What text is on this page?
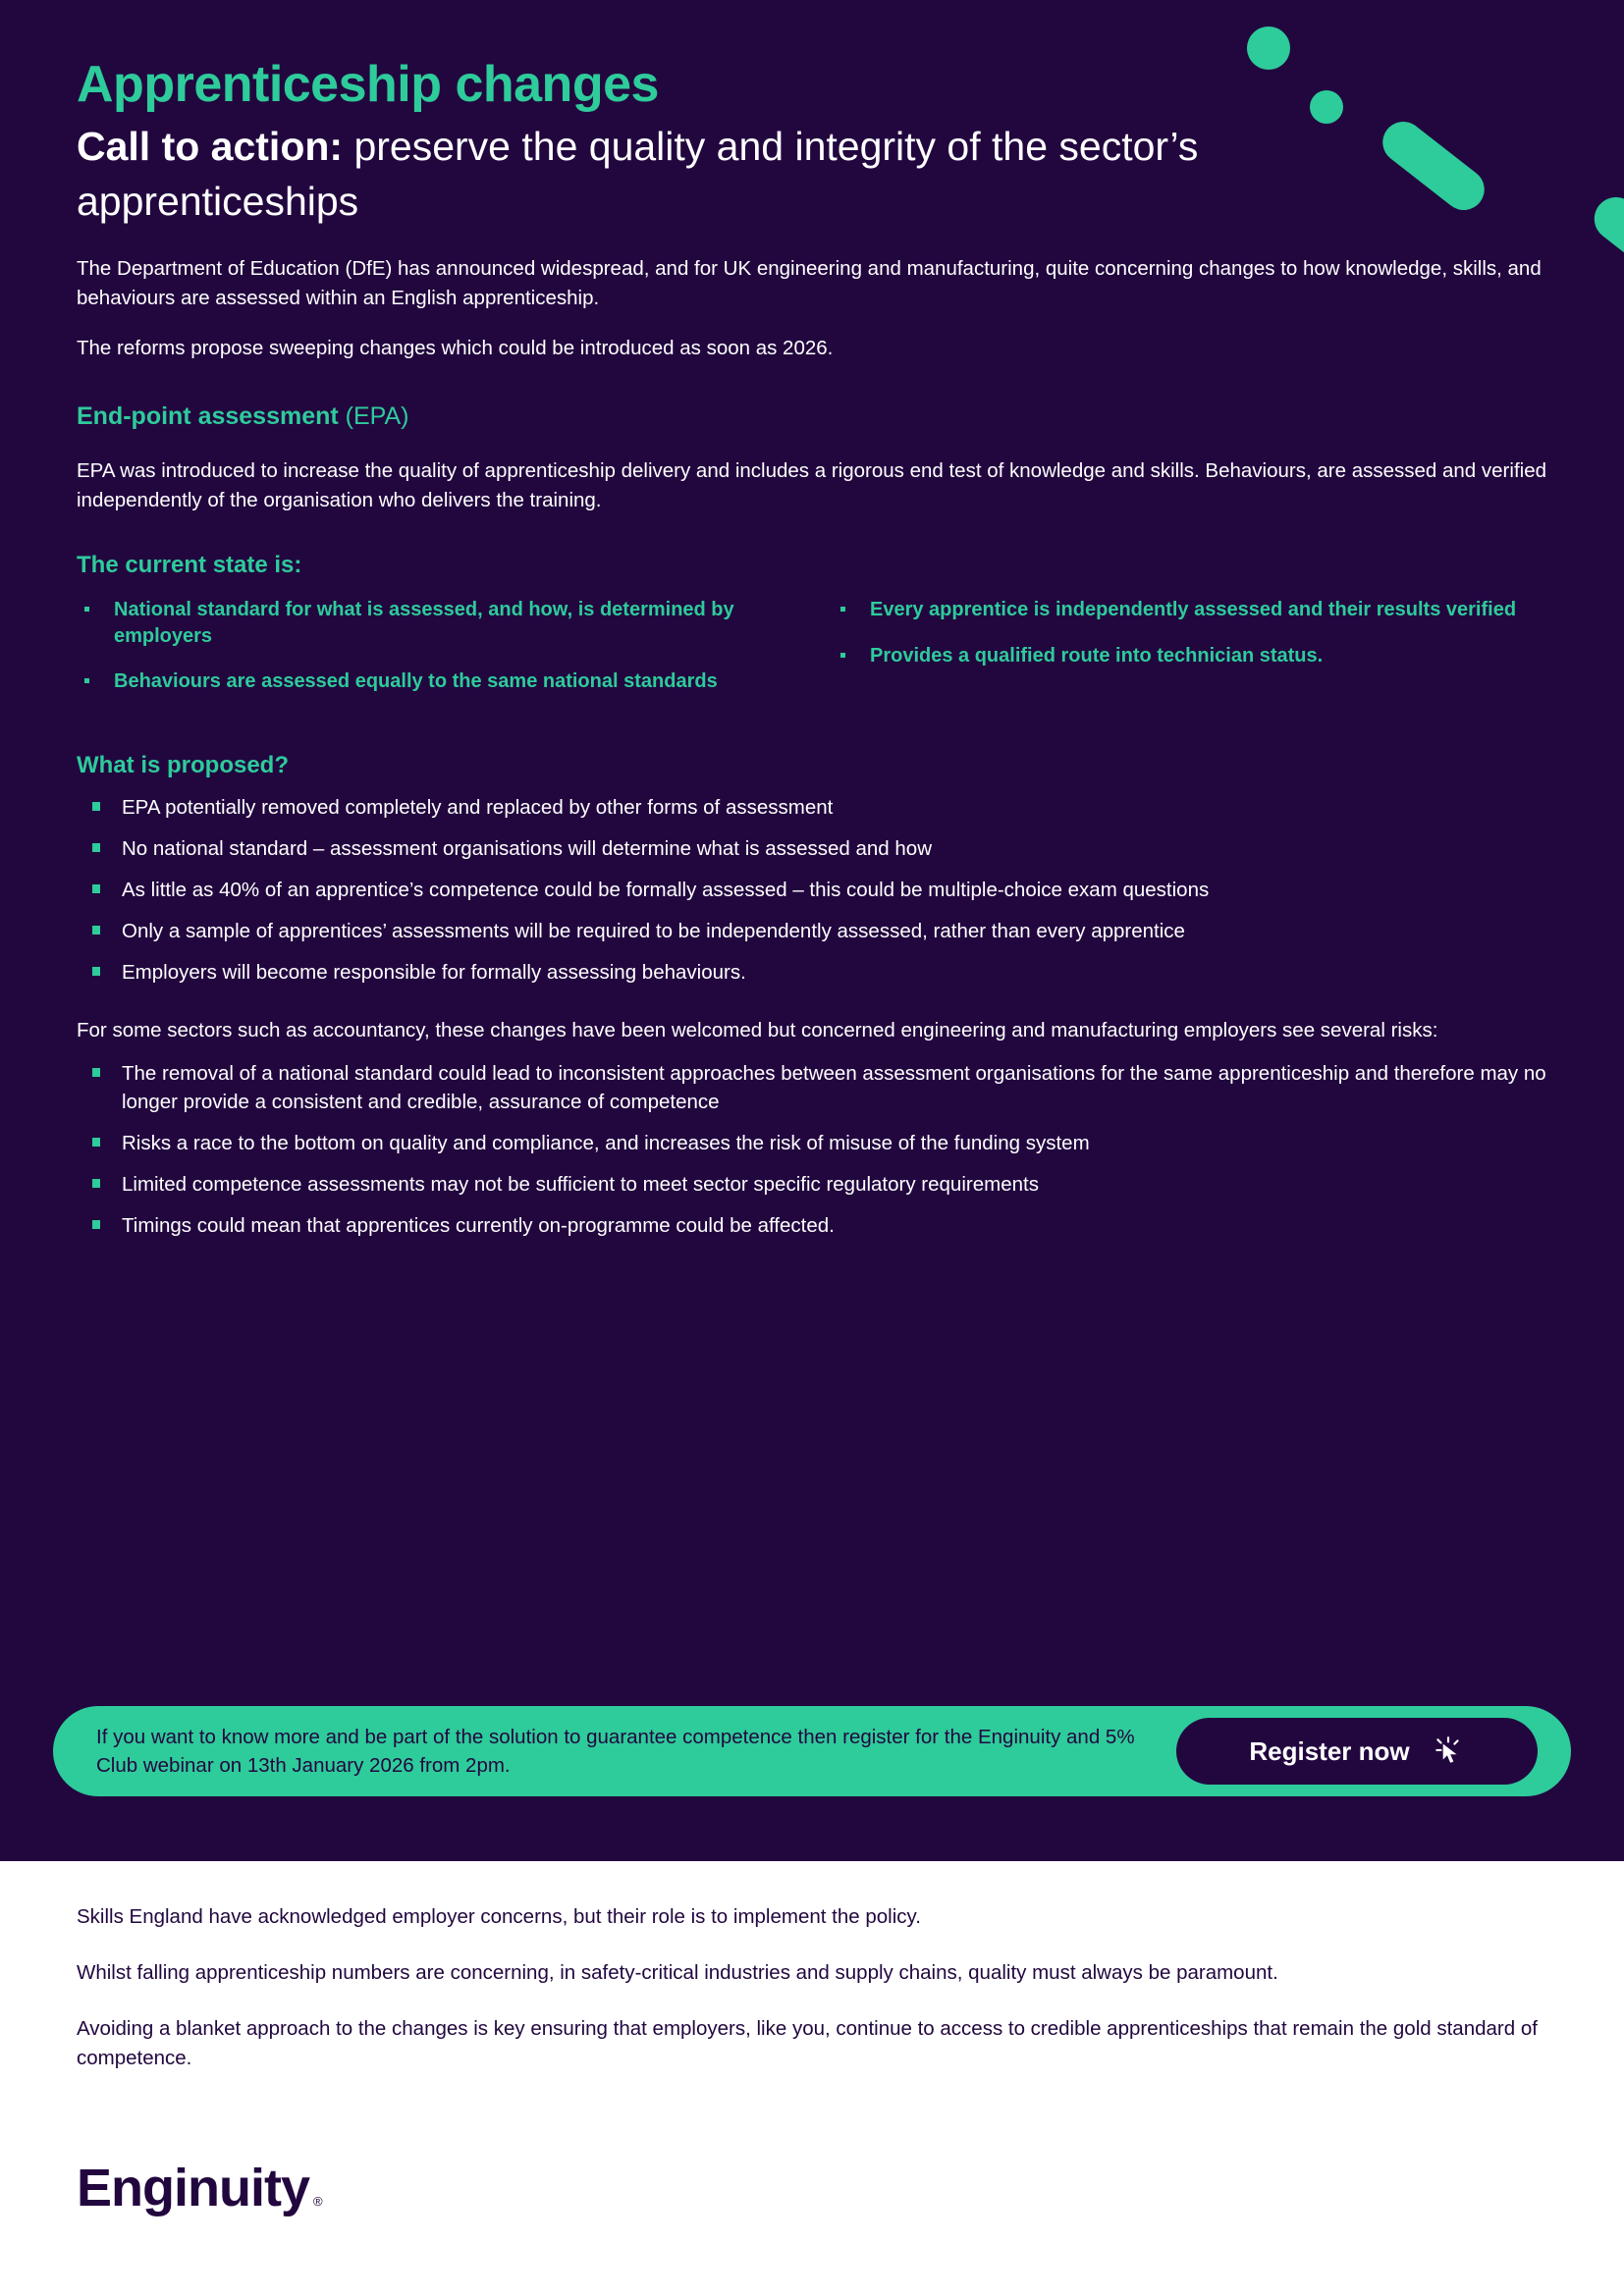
Apprenticeship changes
Call to action: preserve the quality and integrity of the sector’s apprenticeships

The Department of Education (DfE) has announced widespread, and for UK engineering and manufacturing, quite concerning changes to how knowledge, skills, and behaviours are assessed within an English apprenticeship.

The reforms propose sweeping changes which could be introduced as soon as 2026.

End-point assessment (EPA)

EPA was introduced to increase the quality of apprenticeship delivery and includes a rigorous end test of knowledge and skills. Behaviours, are assessed and verified independently of the organisation who delivers the training.

The current state is:
National standard for what is assessed, and how, is determined by employers
Behaviours are assessed equally to the same national standards
Every apprentice is independently assessed and their results verified
Provides a qualified route into technician status.
What is proposed?
EPA potentially removed completely and replaced by other forms of assessment
No national standard – assessment organisations will determine what is assessed and how
As little as 40% of an apprentice’s competence could be formally assessed – this could be multiple-choice exam questions
Only a sample of apprentices’ assessments will be required to be independently assessed, rather than every apprentice
Employers will become responsible for formally assessing behaviours.

For some sectors such as accountancy, these changes have been welcomed but concerned engineering and manufacturing employers see several risks:

The removal of a national standard could lead to inconsistent approaches between assessment organisations for the same apprenticeship and therefore may no longer provide a consistent and credible, assurance of competence
Risks a race to the bottom on quality and compliance, and increases the risk of misuse of the funding system
Limited competence assessments may not be sufficient to meet sector specific regulatory requirements
Timings could mean that apprentices currently on-programme could be affected.
If you want to know more and be part of the solution to guarantee competence then register for the Enginuity and 5% Club webinar on 13th January 2026 from 2pm.	Register now

Skills England have acknowledged employer concerns, but their role is to implement the policy.

Whilst falling apprenticeship numbers are concerning, in safety-critical industries and supply chains, quality must always be paramount.

Avoiding a blanket approach to the changes is key ensuring that employers, like you, continue to access to credible apprenticeships that remain the gold standard of competence.

Enginuity ®
